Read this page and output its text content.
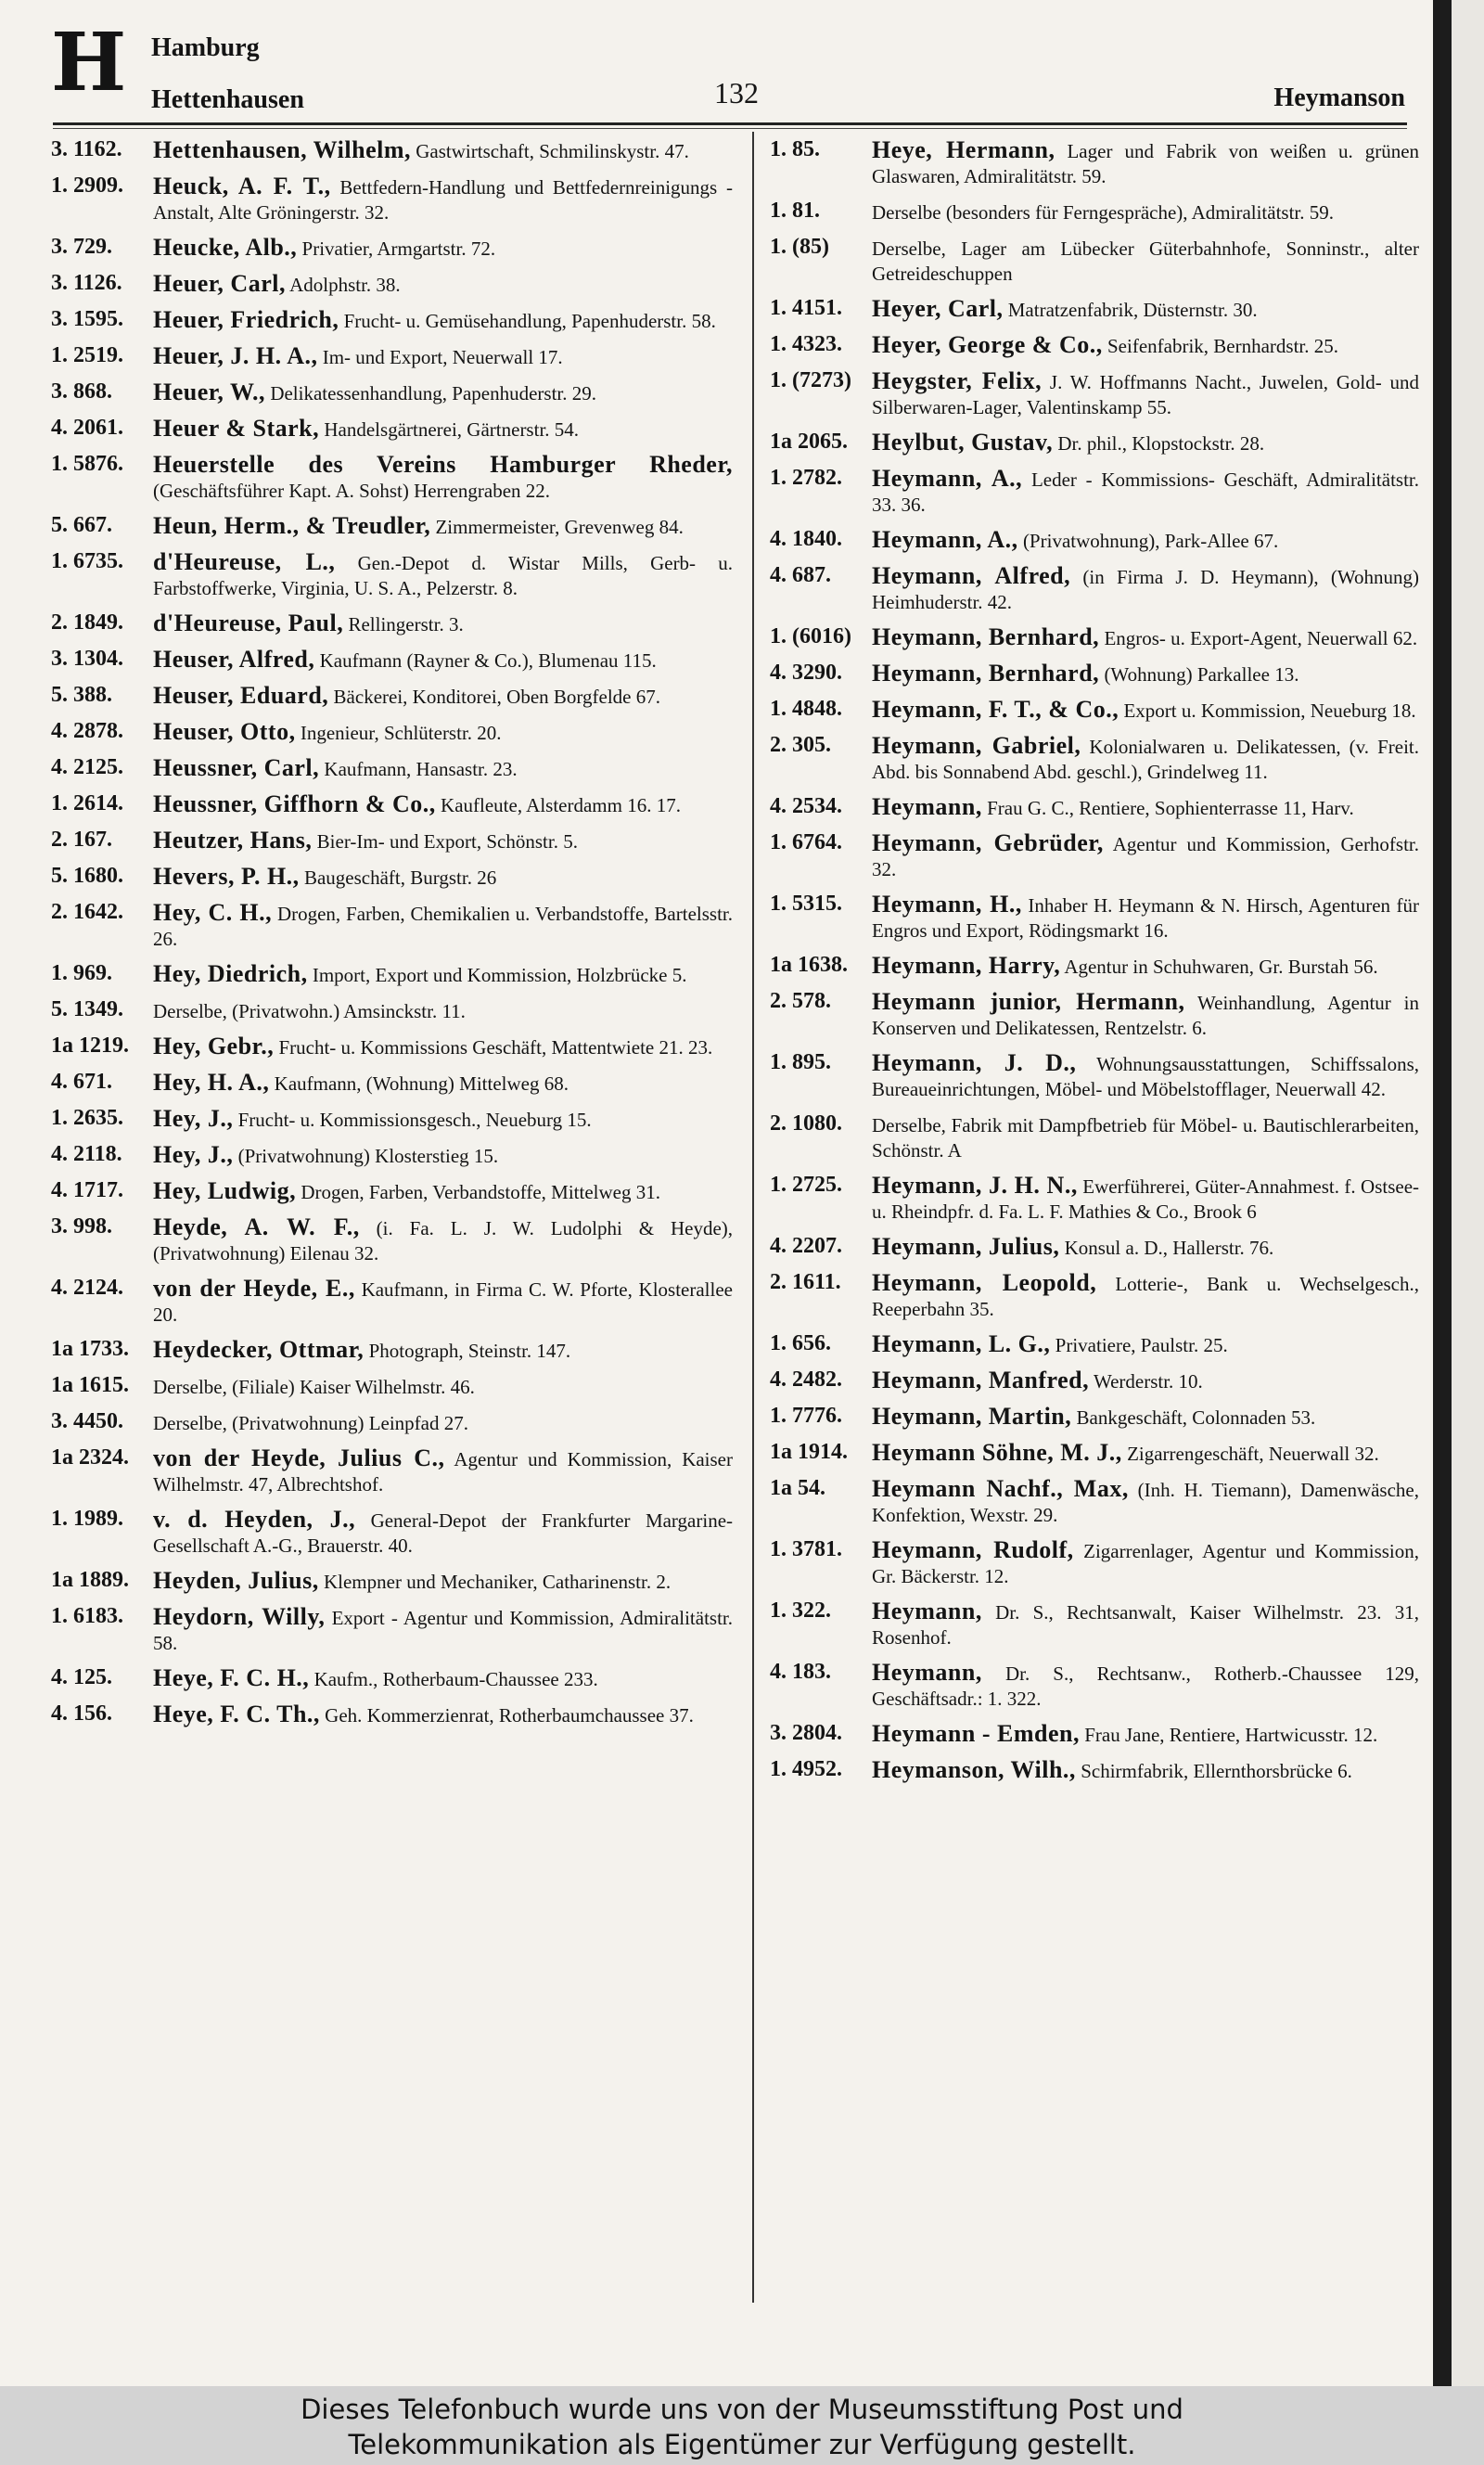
H Hamburg
Hettenhausen	132	Heymanson
3. 1162.	Hettenhausen, Wilhelm, Gastwirtschaft, Schmilinskystr. 47.
1. 2909.	Heuck, A. F. T., Bettfedern-Handlung und Bettfedernreinigungs - Anstalt, Alte Gröningerstr. 32.
3. 729.	Heucke, Alb., Privatier, Armgartstr. 72.
3. 1126.	Heuer, Carl, Adolphstr. 38.
3. 1595.	Heuer, Friedrich, Frucht- u. Gemüsehandlung, Papenhuderstr. 58.
1. 2519.	Heuer, J. H. A., Im- und Export, Neuerwall 17.
3. 868.	Heuer, W., Delikatessenhandlung, Papenhuderstr. 29.
4. 2061.	Heuer & Stark, Handelsgärtnerei, Gärtnerstr. 54.
1. 5876.	Heuerstelle des Vereins Hamburger Rheder, (Geschäftsführer Kapt. A. Sohst) Herrengraben 22.
5. 667.	Heun, Herm., & Treudler, Zimmermeister, Grevenweg 84.
1. 6735.	d'Heureuse, L., Gen.-Depot d. Wistar Mills, Gerb- u. Farbstoffwerke, Virginia, U. S. A., Pelzerstr. 8.
2. 1849.	d'Heureuse, Paul, Rellingerstr. 3.
3. 1304.	Heuser, Alfred, Kaufmann (Rayner & Co.), Blumenau 115.
5. 388.	Heuser, Eduard, Bäckerei, Konditorei, Oben Borgfelde 67.
4. 2878.	Heuser, Otto, Ingenieur, Schlüterstr. 20.
4. 2125.	Heussner, Carl, Kaufmann, Hansastr. 23.
1. 2614.	Heussner, Giffhorn & Co., Kaufleute, Alsterdamm 16. 17.
2. 167.	Heutzer, Hans, Bier-Im- und Export, Schönstr. 5.
5. 1680.	Hevers, P. H., Baugeschäft, Burgstr. 26
2. 1642.	Hey, C. H., Drogen, Farben, Chemikalien u. Verbandstoffe, Bartelsstr. 26.
1. 969.	Hey, Diedrich, Import, Export und Kommission, Holzbrücke 5.
5. 1349.	Derselbe, (Privatwohn.) Amsinckstr. 11.
1a 1219.	Hey, Gebr., Frucht- u. Kommissions Geschäft, Mattentwiete 21. 23.
4. 671.	Hey, H. A., Kaufmann, (Wohnung) Mittelweg 68.
1. 2635.	Hey, J., Frucht- u. Kommissionsgesch., Neueburg 15.
4. 2118.	Hey, J., (Privatwohnung) Klosterstieg 15.
4. 1717.	Hey, Ludwig, Drogen, Farben, Verbandstoffe, Mittelweg 31.
3. 998.	Heyde, A. W. F., (i. Fa. L. J. W. Ludolphi & Heyde), (Privatwohnung) Eilenau 32.
4. 2124.	von der Heyde, E., Kaufmann, in Firma C. W. Pforte, Klosterallee 20.
1a 1733.	Heydecker, Ottmar, Photograph, Steinstr. 147.
1a 1615.	Derselbe, (Filiale) Kaiser Wilhelmstr. 46.
3. 4450.	Derselbe, (Privatwohnung) Leinpfad 27.
1a 2324.	von der Heyde, Julius C., Agentur und Kommission, Kaiser Wilhelmstr. 47, Albrechtshof.
1. 1989.	v. d. Heyden, J., General-Depot der Frankfurter Margarine-Gesellschaft A.-G., Brauerstr. 40.
1a 1889.	Heyden, Julius, Klempner und Mechaniker, Catharinenstr. 2.
1. 6183.	Heydorn, Willy, Export - Agentur und Kommission, Admiralitätstr. 58.
4. 125.	Heye, F. C. H., Kaufm., Rotherbaum-Chaussee 233.
4. 156.	Heye, F. C. Th., Geh. Kommerzienrat, Rotherbaumchaussee 37.
1. 85.	Heye, Hermann, Lager und Fabrik von weißen u. grünen Glaswaren, Admiralitätstr. 59.
1. 81.	Derselbe (besonders für Ferngespräche), Admiralitätstr. 59.
1. (85)	Derselbe, Lager am Lübecker Güterbahnhofe, Sonninstr., alter Getreideschuppen
1. 4151.	Heyer, Carl, Matratzenfabrik, Düsternstr. 30.
1. 4323.	Heyer, George & Co., Seifenfabrik, Bernhardstr. 25.
1. (7273) Heygster, Felix, J. W. Hoffmanns Nacht., Juwelen, Gold- und Silberwaren-Lager, Valentinskamp 55.
1a 2065.	Heylbut, Gustav, Dr. phil., Klopstockstr. 28.
1. 2782.	Heymann, A., Leder - Kommissions- Geschäft, Admiralitätstr. 33. 36.
4. 1840.	Heymann, A., (Privatwohnung), Park-Allee 67.
4. 687.	Heymann, Alfred, (in Firma J. D. Heymann), (Wohnung) Heimhuderstr. 42.
1. (6016) Heymann, Bernhard, Engros- u. Export-Agent, Neuerwall 62.
4. 3290.	Heymann, Bernhard, (Wohnung) Parkallee 13.
1. 4848.	Heymann, F. T., & Co., Export u. Kommission, Neueburg 18.
2. 305.	Heymann, Gabriel, Kolonialwaren u. Delikatessen, (v. Freit. Abd. bis Sonnabend Abd. geschl.), Grindelweg 11.
4. 2534.	Heymann, Frau G. C., Rentiere, Sophienterrasse 11, Harv.
1. 6764.	Heymann, Gebrüder, Agentur und Kommission, Gerhofstr. 32.
1. 5315.	Heymann, H., Inhaber H. Heymann & N. Hirsch, Agenturen für Engros und Export, Rödingsmarkt 16.
1a 1638.	Heymann, Harry, Agentur in Schuhwaren, Gr. Burstah 56.
2. 578.	Heymann junior, Hermann, Weinhandlung, Agentur in Konserven und Delikatessen, Rentzelstr. 6.
1. 895.	Heymann, J. D., Wohnungsausstattungen, Schiffssalons, Bureaueinrichtungen, Möbel- und Möbelstofflager, Neuerwall 42.
2. 1080.	Derselbe, Fabrik mit Dampfbetrieb für Möbel- u. Bautischlerarbeiten, Schönstr. A
1. 2725.	Heymann, J. H. N., Ewerführerei, Güter-Annahmest. f. Ostsee- u. Rheindpfr. d. Fa. L. F. Mathies & Co., Brook 6
4. 2207.	Heymann, Julius, Konsul a. D., Hallerstr. 76.
2. 1611.	Heymann, Leopold, Lotterie-, Bank u. Wechselgesch., Reeperbahn 35.
1. 656.	Heymann, L. G., Privatiere, Paulstr. 25.
4. 2482.	Heymann, Manfred, Werderstr. 10.
1. 7776.	Heymann, Martin, Bankgeschäft, Colonnaden 53.
1a 1914.	Heymann Söhne, M. J., Zigarrengeschäft, Neuerwall 32.
1a 54.	Heymann Nachf., Max, (Inh. H. Tiemann), Damenwäsche, Konfektion, Wexstr. 29.
1. 3781.	Heymann, Rudolf, Zigarrenlager, Agentur und Kommission, Gr. Bäckerstr. 12.
1. 322.	Heymann, Dr. S., Rechtsanwalt, Kaiser Wilhelmstr. 23. 31, Rosenhof.
4. 183.	Heymann, Dr. S., Rechtsanw., Rotherb.-Chaussee 129, Geschäftsadr.: 1. 322.
3. 2804.	Heymann - Emden, Frau Jane, Rentiere, Hartwicusstr. 12.
1. 4952.	Heymanson, Wilh., Schirmfabrik, Ellernthorsbrücke 6.
Dieses Telefonbuch wurde uns von der Museumsstiftung Post und
Telekommunikation als Eigentümer zur Verfügung gestellt.
